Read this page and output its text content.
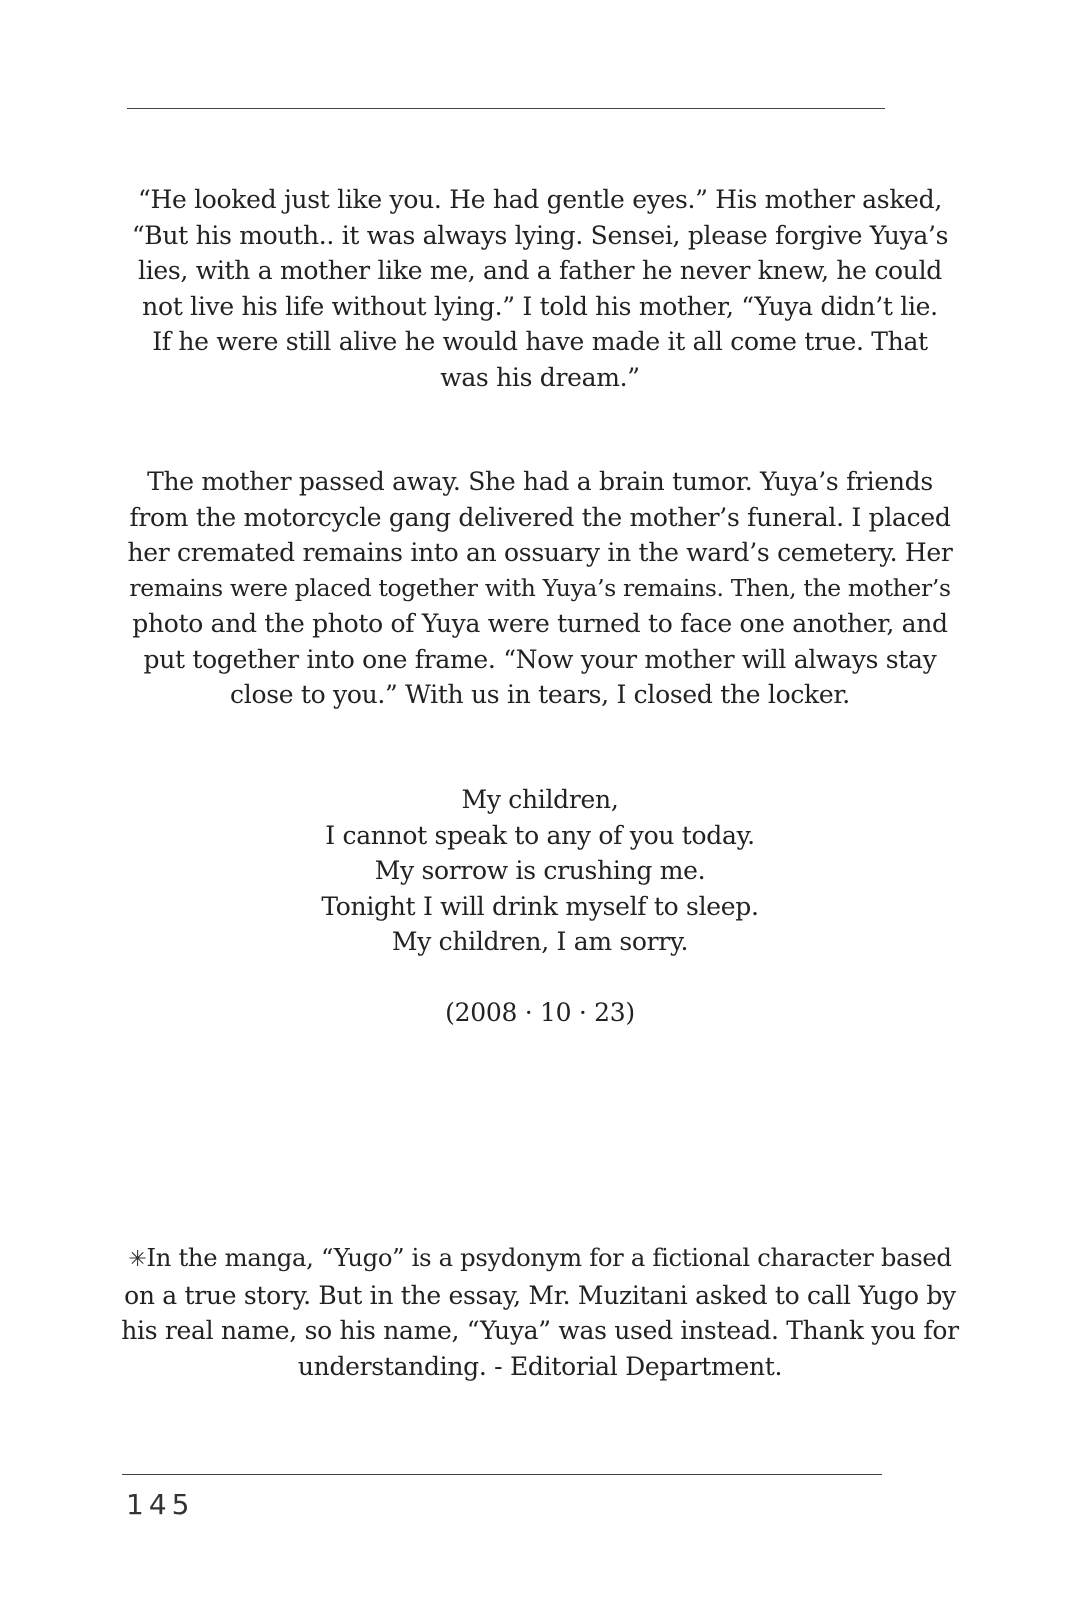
“He looked just like you. He had gentle eyes.” His mother asked,
“But his mouth.. it was always lying. Sensei, please forgive Yuya’s
lies, with a mother like me, and a father he never knew, he could
not live his life without lying.” I told his mother, “Yuya didn’t lie.
If he were still alive he would have made it all come true. That
was his dream.”
The mother passed away. She had a brain tumor. Yuya’s friends
from the motorcycle gang delivered the mother’s funeral. I placed
her cremated remains into an ossuary in the ward’s cemetery. Her
remains were placed together with Yuya’s remains. Then, the mother’s
photo and the photo of Yuya were turned to face one another, and
put together into one frame. “Now your mother will always stay
close to you.” With us in tears, I closed the locker.
My children,
I cannot speak to any of you today.
My sorrow is crushing me.
Tonight I will drink myself to sleep.
My children, I am sorry.
(2008 · 10 · 23)
✳In the manga, “Yugo” is a psydonym for a fictional character based
on a true story. But in the essay, Mr. Muzitani asked to call Yugo by
his real name, so his name, “Yuya” was used instead. Thank you for
understanding. - Editorial Department.
145
